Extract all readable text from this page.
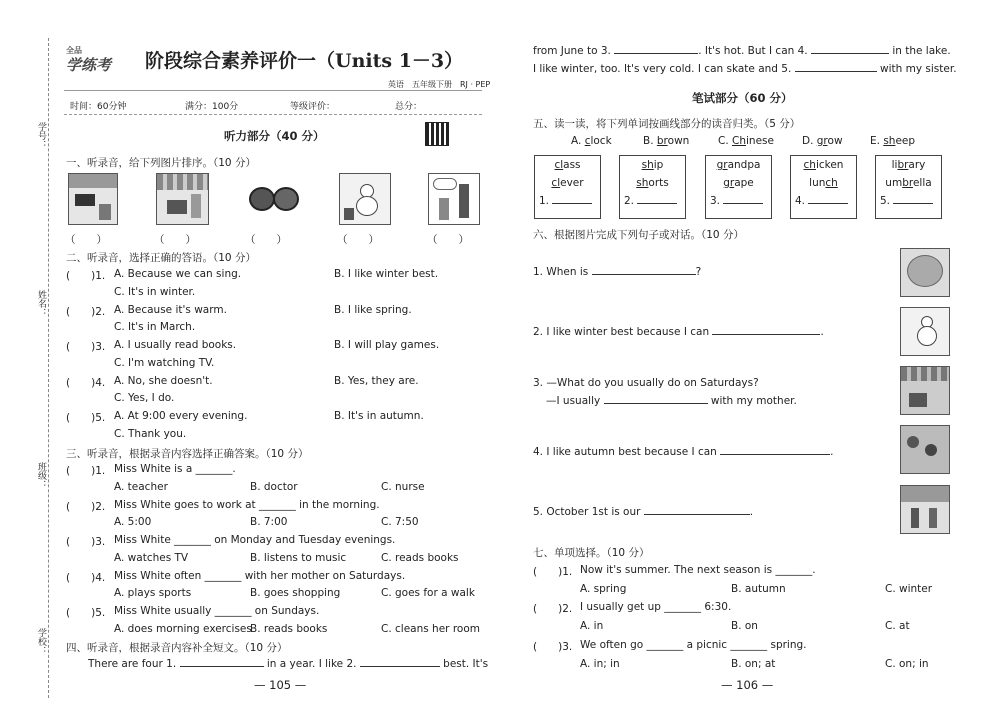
学号：
姓名：
班级：
学校：
全品
学练考 阶段综合素养评价一（Units 1－3）
英语　五年级下册　RJ · PEP
时间：60分钟	满分：100分	等级评价：	总分：
听力部分（40 分）
一、听录音，给下列图片排序。（10 分）
（　　）	（　　）	（　　）	（　　）	（　　）
二、听录音，选择正确的答语。（10 分）
(　　)1. A. Because we can sing.	B. I like winter best.
C. It's in winter.
(　　)2. A. Because it's warm.	B. I like spring.
C. It's in March.
(　　)3. A. I usually read books.	B. I will play games.
C. I'm watching TV.
(　　)4. A. No, she doesn't.	B. Yes, they are.
C. Yes, I do.
(　　)5. A. At 9:00 every evening.	B. It's in autumn.
C. Thank you.
三、听录音，根据录音内容选择正确答案。（10 分）
(　　)1. Miss White is a _______.
A. teacher	B. doctor	C. nurse
(　　)2. Miss White goes to work at _______ in the morning.
A. 5:00	B. 7:00	C. 7:50
(　　)3. Miss White _______ on Monday and Tuesday evenings.
A. watches TV	B. listens to music	C. reads books
(　　)4. Miss White often _______ with her mother on Saturdays.
A. plays sports	B. goes shopping	C. goes for a walk
(　　)5. Miss White usually _______ on Sundays.
A. does morning exercises
B. reads books	C. cleans her room
四、听录音，根据录音内容补全短文。（10 分）
There are four 1.	in a year. I like 2.	best. It's
— 105 —
from June to 3.	. It's hot. But I can 4.	in the lake.
I like winter, too. It's very cold. I can skate and 5.	with my sister.
笔试部分（60 分）
五、读一读，将下列单词按画线部分的读音归类。（5 分）
A. clock	B. brown	C. Chinese	D. grow	E. sheep
class
clever
1.
ship
shorts
2.
grandpa
grape
3.
chicken
lunch
4.
library
umbrella
5.
六、根据图片完成下列句子或对话。（10 分）
1. When is	?
2. I like winter best because I can	.
3. —What do you usually do on Saturdays?
—I usually	with my mother.
4. I like autumn best because I can	.
5. October 1st is our	.
七、单项选择。（10 分）
(　　)1. Now it's summer. The next season is _______.
A. spring	B. autumn	C. winter
(　　)2. I usually get up _______ 6:30.
A. in	B. on	C. at
(　　)3. We often go _______ a picnic _______ spring.
A. in; in	B. on; at	C. on; in
— 106 —
